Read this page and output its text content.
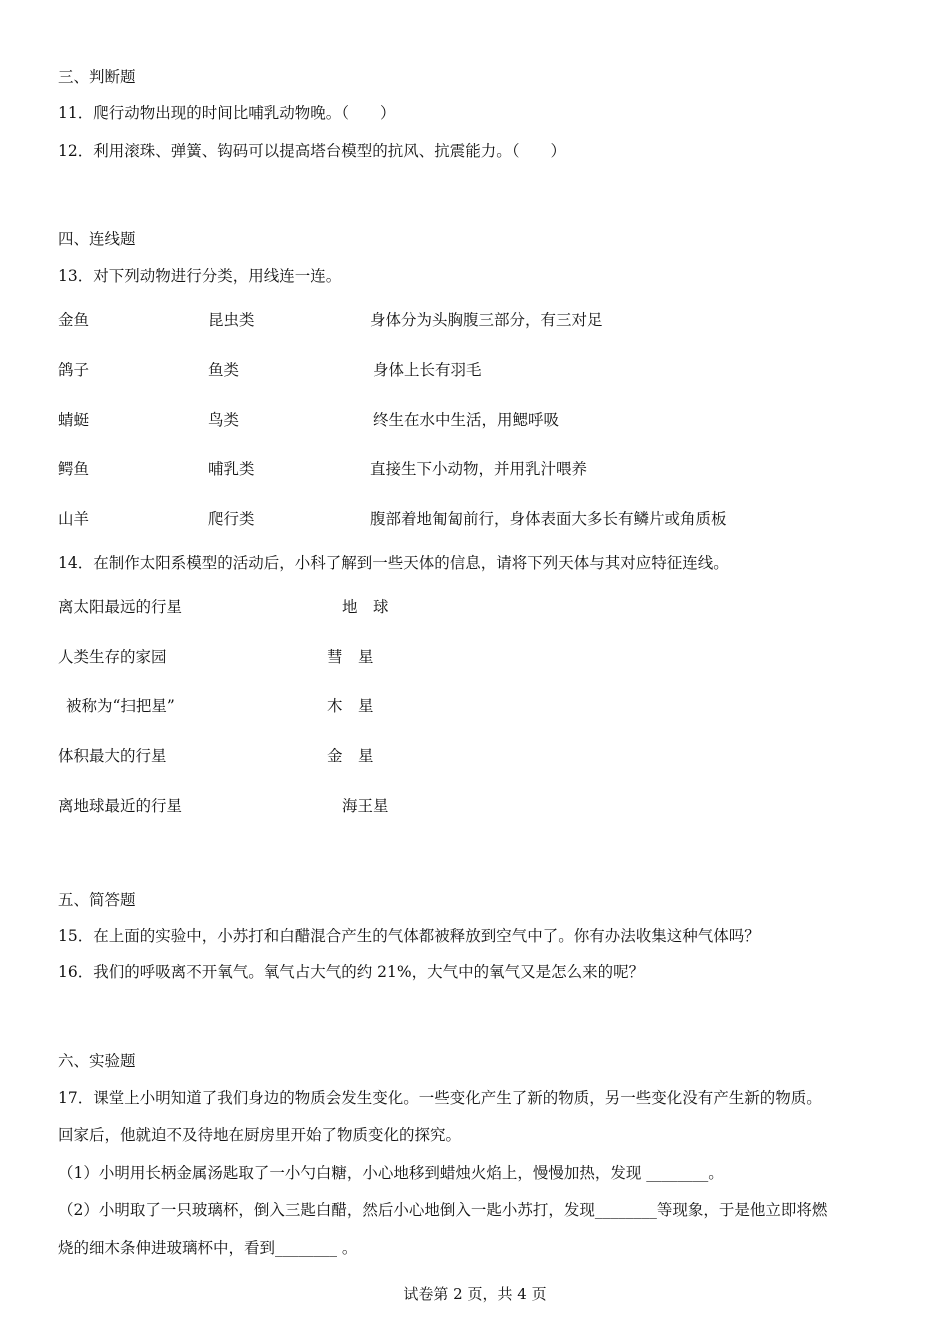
三、判断题
11．爬行动物出现的时间比哺乳动物晚。（　　）
12．利用滚珠、弹簧、钩码可以提高塔台模型的抗风、抗震能力。（　　）
四、连线题
13．对下列动物进行分类，用线连一连。
金鱼	昆虫类	身体分为头胸腹三部分，有三对足
鸽子	鱼类	身体上长有羽毛
蜻蜓	鸟类	终生在水中生活，用鳃呼吸
鳄鱼	哺乳类	直接生下小动物，并用乳汁喂养
山羊	爬行类	腹部着地匍匐前行，身体表面大多长有鳞片或角质板
14．在制作太阳系模型的活动后，小科了解到一些天体的信息，请将下列天体与其对应特征连线。
离太阳最远的行星	地　球
人类生存的家园	彗　星
被称为“扫把星”	木　星
体积最大的行星	金　星
离地球最近的行星	海王星
五、简答题
15．在上面的实验中，小苏打和白醋混合产生的气体都被释放到空气中了。你有办法收集这种气体吗？
16．我们的呼吸离不开氧气。氧气占大气的约 21%，大气中的氧气又是怎么来的呢？
六、实验题
17．课堂上小明知道了我们身边的物质会发生变化。一些变化产生了新的物质，另一些变化没有产生新的物质。
回家后，他就迫不及待地在厨房里开始了物质变化的探究。
（1）小明用长柄金属汤匙取了一小勺白糖，小心地移到蜡烛火焰上，慢慢加热，发现 ________。
（2）小明取了一只玻璃杯，倒入三匙白醋，然后小心地倒入一匙小苏打，发现________等现象，于是他立即将燃
烧的细木条伸进玻璃杯中，看到________ 。
试卷第 2 页，共 4 页
